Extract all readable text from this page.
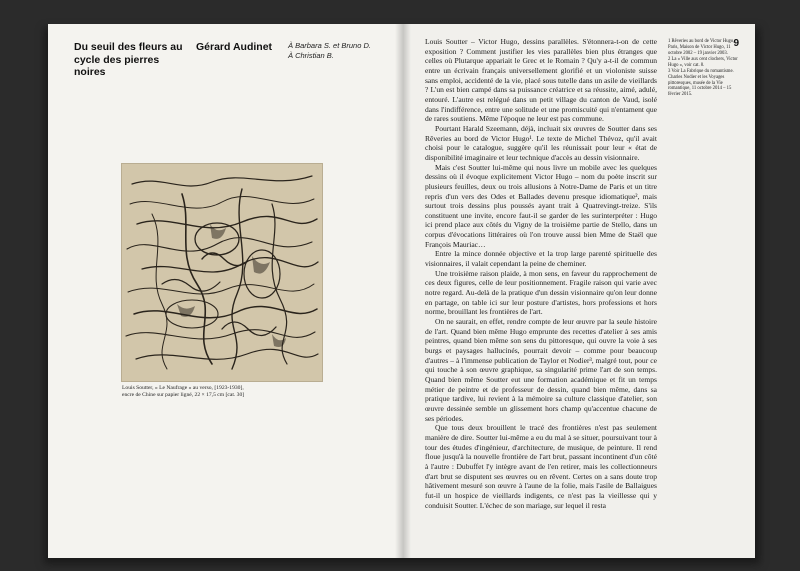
Du seuil des fleurs au cycle des pierres noires
Gérard Audinet À Barbara S. et Bruno D.
À Christian B.
Louis Soutter, « Le Naufrage » au verso, [1923-1930],
encre de Chine sur papier ligné, 22 × 17,5 cm [cat. 30]

Louis Soutter – Victor Hugo, dessins parallèles. S'étonnera-t-on de cette exposition ? Comment justifier les vies parallèles bien plus étranges que celles où Plutarque appariait le Grec et le Romain ? Qu'y a-t-il de commun entre un écrivain français universellement glorifié et un violoniste suisse sans emploi, accidenté de la vie, placé sous tutelle dans un asile de vieillards ? L'un est bien campé dans sa puissance créatrice et sa réussite, aimé, adulé, entouré. L'autre est relégué dans un petit village du canton de Vaud, isolé dans l'indifférence, entre une solitude et une promiscuité qui n'entament que de rares soutiens. Même l'époque ne leur est pas commune.

Pourtant Harald Szeemann, déjà, incluait six œuvres de Soutter dans ses Rêveries au bord de Victor Hugo¹. Le texte de Michel Thévoz, qu'il avait choisi pour le catalogue, suggère qu'il les réunissait pour leur « état de disponibilité imaginaire et leur technique d'accès au dessin visionnaire.

Mais c'est Soutter lui-même qui nous livre un mobile avec les quelques dessins où il évoque explicitement Victor Hugo – nom du poète inscrit sur plusieurs feuilles, deux ou trois allusions à Notre-Dame de Paris et un titre repris d'un vers des Odes et Ballades devenu presque idiomatique², mais surtout trois dessins plus poussés ayant trait à Quatrevingt-treize. S'ils constituent une invite, encore faut-il se garder de les surinterpréter : Hugo ici prend place aux côtés du Vigny de la troisième partie de Stello, dans un corpus d'évocations littéraires où l'on trouve aussi bien Mme de Staël que François Mauriac…

Entre la mince donnée objective et la trop large parenté spirituelle des visionnaires, il valait cependant la peine de cheminer.

Une troisième raison plaide, à mon sens, en faveur du rapprochement de ces deux figures, celle de leur positionnement. Fragile raison qui varie avec notre regard. Au-delà de la pratique d'un dessin visionnaire qu'on leur donne en partage, on table ici sur leur posture d'artistes, hors professions et hors norme, brouillant les frontières de l'art.

On ne saurait, en effet, rendre compte de leur œuvre par la seule histoire de l'art. Quand bien même Hugo emprunte des recettes d'atelier à ses amis peintres, quand bien même son sens du pittoresque, qui ouvre la voie à ses burgs et paysages hallucinés, pourrait devoir – comme pour beaucoup d'autres – à l'immense publication de Taylor et Nodier³, malgré tout, pour ce qui touche à son œuvre graphique, sa singularité prime l'art de son temps. Quand bien même Soutter eut une formation académique et fit un temps métier de peintre et de professeur de dessin, quand bien même, dans sa pratique tardive, lui revient à la mémoire sa culture classique d'atelier, son œuvre dessinée semble un glissement hors champ qu'accentue chacune de ses périodes.

Que tous deux brouillent le tracé des frontières n'est pas seulement manière de dire. Soutter lui-même a eu du mal à se situer, poursuivant tour à tour des études d'ingénieur, d'architecture, de musique, de peinture. Il rend floue jusqu'à la nouvelle frontière de l'art brut, passant incontinent d'un côté à l'autre : Dubuffet l'y intègre avant de l'en retirer, mais les collectionneurs d'art brut se disputent ses œuvres ou en rêvent. Certes on a sans doute trop hâtivement mesuré son œuvre à l'aune de la folie, mais l'asile de Ballaigues fut-il un hospice de vieillards indigents, ce n'est pas la vieillesse qui y conduisit Soutter. L'échec de son mariage, sur lequel il resta

1 Rêveries au bord de Victor Hugo, Paris, Maison de Victor Hugo, 11 octobre 2002 – 19 janvier 2003.
2 La « Ville aux cent clochers, Victor Hugo », voir cat. 8.
3 Voir La Fabrique du romantisme. Charles Nodier et les Voyages pittoresques, musée de la Vie romantique, 11 octobre 2014 – 15 février 2015.
9
